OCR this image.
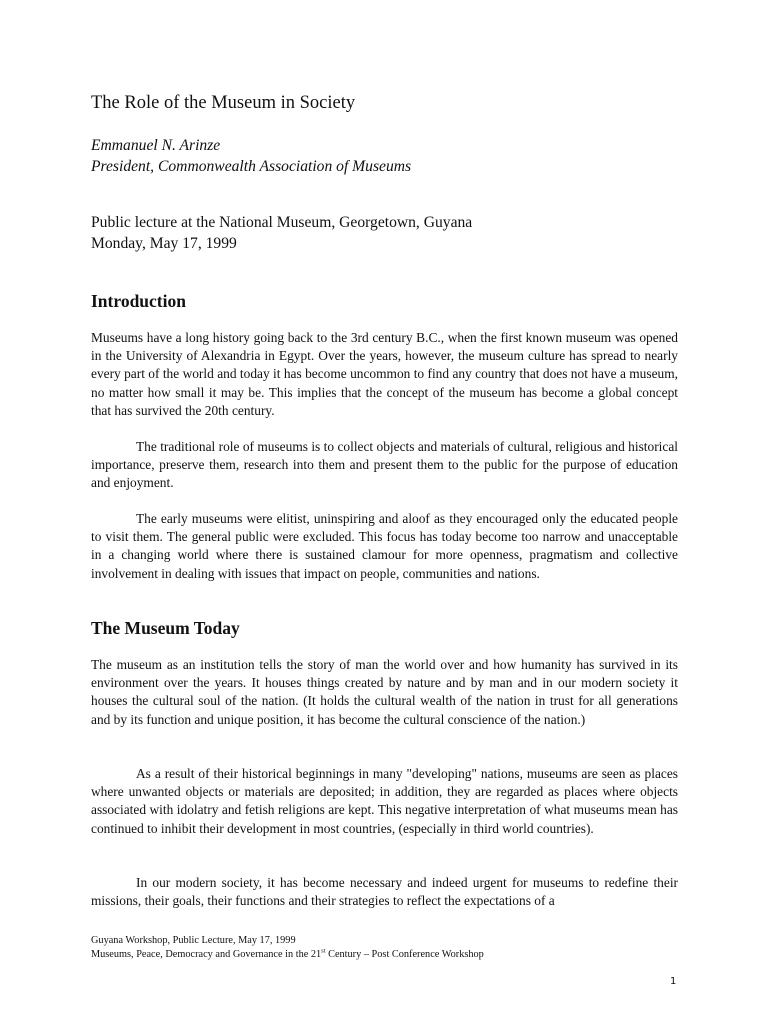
The Role of the Museum in Society
Emmanuel N. Arinze
President, Commonwealth Association of Museums
Public lecture at the National Museum, Georgetown, Guyana
Monday, May 17, 1999
Introduction

Museums have a long history going back to the 3rd century B.C., when the first known museum was opened in the University of Alexandria in Egypt. Over the years, however, the museum culture has spread to nearly every part of the world and today it has become uncommon to find any country that does not have a museum, no matter how small it may be. This implies that the concept of the museum has become a global concept that has survived the 20th century.

The traditional role of museums is to collect objects and materials of cultural, religious and historical importance, preserve them, research into them and present them to the public for the purpose of education and enjoyment.

The early museums were elitist, uninspiring and aloof as they encouraged only the educated people to visit them. The general public were excluded. This focus has today become too narrow and unacceptable in a changing world where there is sustained clamour for more openness, pragmatism and collective involvement in dealing with issues that impact on people, communities and nations.

The Museum Today

The museum as an institution tells the story of man the world over and how humanity has survived in its environment over the years. It houses things created by nature and by man and in our modern society it houses the cultural soul of the nation. (It holds the cultural wealth of the nation in trust for all generations and by its function and unique position, it has become the cultural conscience of the nation.)

As a result of their historical beginnings in many "developing" nations, museums are seen as places where unwanted objects or materials are deposited; in addition, they are regarded as places where objects associated with idolatry and fetish religions are kept. This negative interpretation of what museums mean has continued to inhibit their development in most countries, (especially in third world countries).

In our modern society, it has become necessary and indeed urgent for museums to redefine their missions, their goals, their functions and their strategies to reflect the expectations of a

Guyana Workshop, Public Lecture, May 17, 1999
Museums, Peace, Democracy and Governance in the 21st Century – Post Conference Workshop
1
